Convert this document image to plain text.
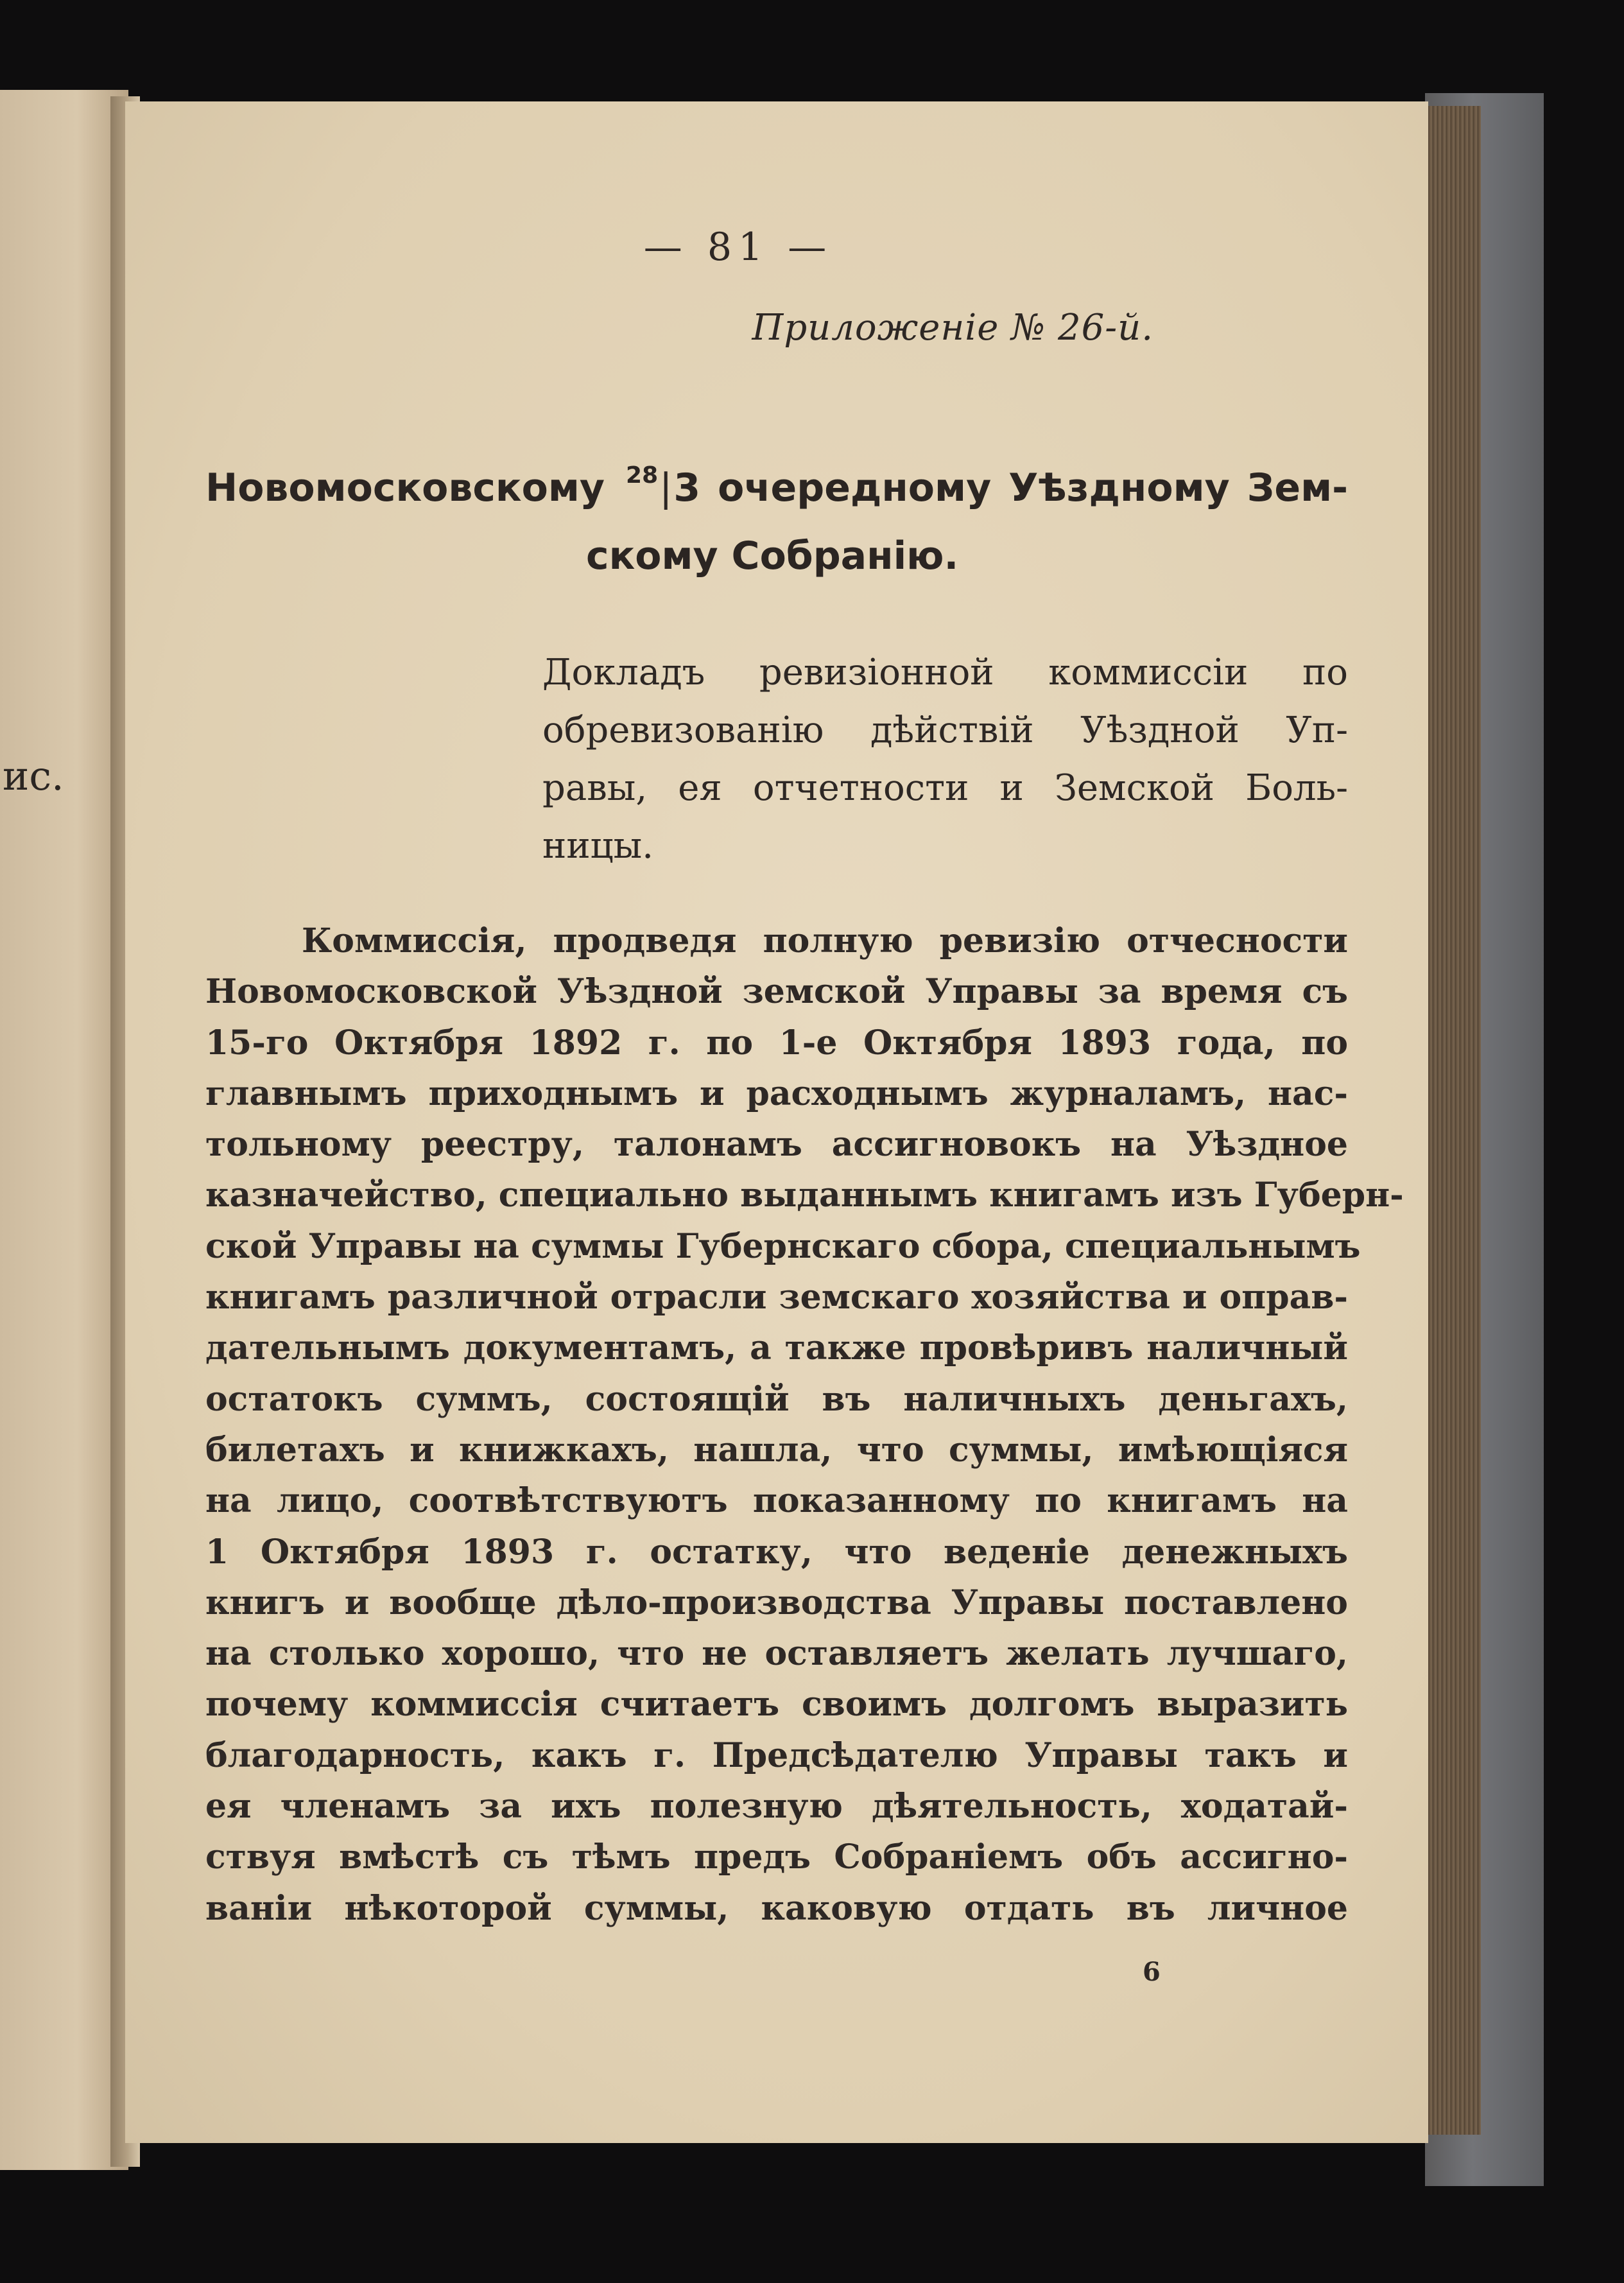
ис.
— 81 —
Приложенiе № 26-й.
Новомосковскому $^{28}$|3 очередному Уѣздному Зем-
скому Собранiю.
Докладъ ревизiонной коммиссiи по
обревизованiю дѣйствiй Уѣздной Уп-
равы, ея отчетности и Земской Боль-
ницы.
Коммиссiя, продведя полную ревизiю отчесности
Новомосковской Уѣздной земской Управы за время съ
15-го Октября 1892 г. по 1-е Октября 1893 года, по
главнымъ приходнымъ и расходнымъ журналамъ, нас-
тольному реестру, талонамъ ассигновокъ на Уѣздное
казначейство, специально выданнымъ книгамъ изъ Губерн-
ской Управы на суммы Губернскаго сбора, специальнымъ
книгамъ различной отрасли земскаго хозяйства и оправ-
дательнымъ документамъ, а также провѣривъ наличный
остатокъ суммъ, состоящiй въ наличныхъ деньгахъ,
билетахъ и книжкахъ, нашла, что суммы, имѣющiяся
на лицо, соотвѣтствуютъ показанному по книгамъ на
1 Октября 1893 г. остатку, что веденiе денежныхъ
книгъ и вообще дѣло-производства Управы поставлено
на столько хорошо, что не оставляетъ желать лучшаго,
почему коммиссiя считаетъ своимъ долгомъ выразить
благодарность, какъ г. Предсѣдателю Управы такъ и
ея членамъ за ихъ полезную дѣятельность, ходатай-
ствуя вмѣстѣ съ тѣмъ предъ Собранiемъ объ ассигно-
ванiи нѣкоторой суммы, каковую отдать въ личное
6
